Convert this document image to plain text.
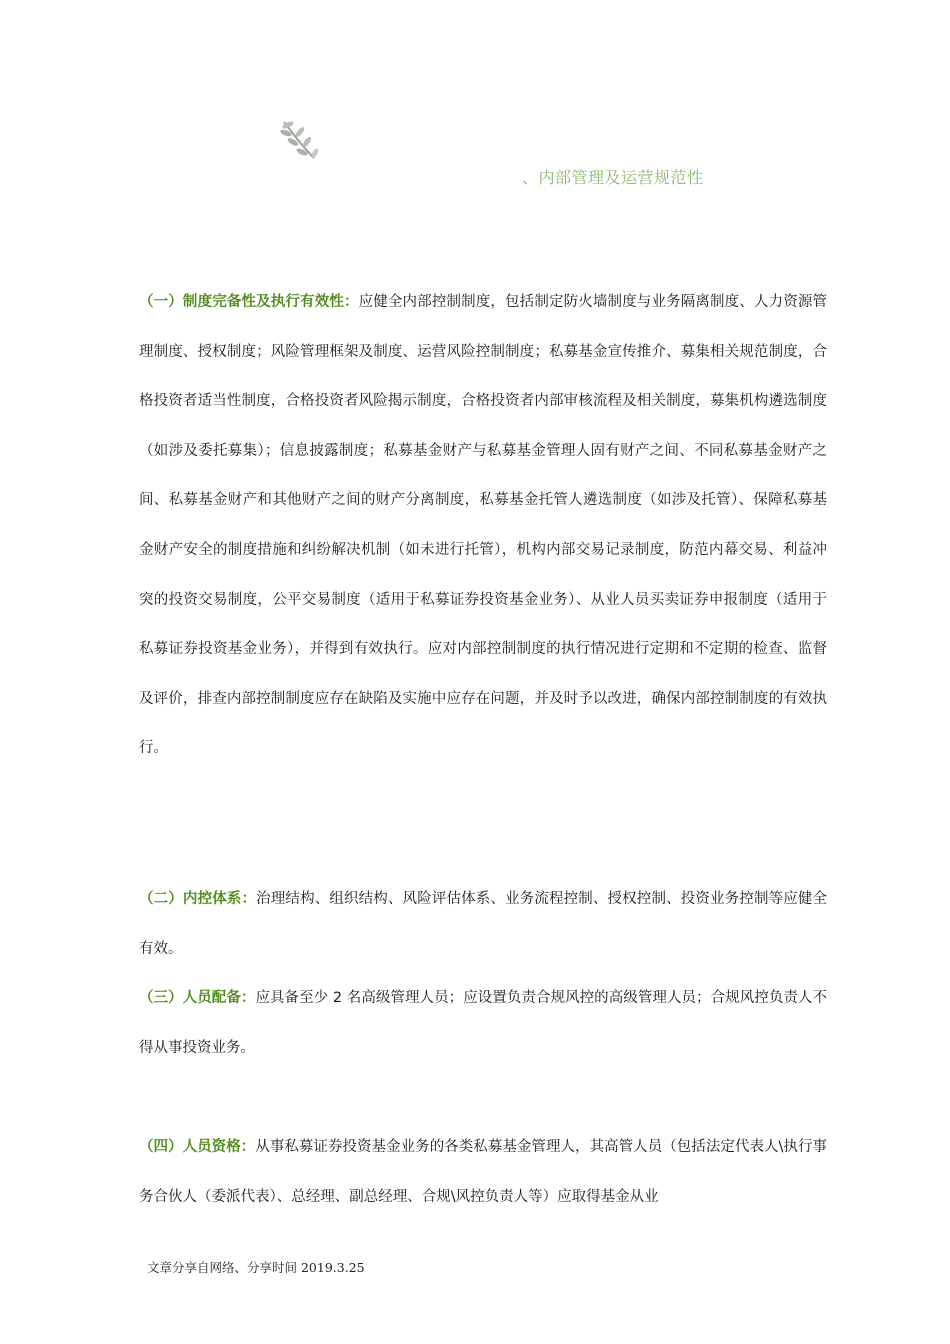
、内部管理及运营规范性

（一）制度完备性及执行有效性：应健全内部控制制度，包括制定防火墙制度与业务隔离制度、人力资源管理制度、授权制度；风险管理框架及制度、运营风险控制制度；私募基金宣传推介、募集相关规范制度，合格投资者适当性制度，合格投资者风险揭示制度，合格投资者内部审核流程及相关制度，募集机构遴选制度（如涉及委托募集）；信息披露制度；私募基金财产与私募基金管理人固有财产之间、不同私募基金财产之间、私募基金财产和其他财产之间的财产分离制度，私募基金托管人遴选制度（如涉及托管）、保障私募基金财产安全的制度措施和纠纷解决机制（如未进行托管），机构内部交易记录制度，防范内幕交易、利益冲突的投资交易制度，公平交易制度（适用于私募证券投资基金业务）、从业人员买卖证券申报制度（适用于私募证券投资基金业务），并得到有效执行。应对内部控制制度的执行情况进行定期和不定期的检查、监督及评价，排查内部控制制度应存在缺陷及实施中应存在问题，并及时予以改进，确保内部控制制度的有效执行。

（二）内控体系：治理结构、组织结构、风险评估体系、业务流程控制、授权控制、投资业务控制等应健全有效。

（三）人员配备：应具备至少 2 名高级管理人员；应设置负责合规风控的高级管理人员；合规风控负责人不得从事投资业务。

（四）人员资格：从事私募证券投资基金业务的各类私募基金管理人，其高管人员（包括法定代表人\执行事务合伙人（委派代表）、总经理、副总经理、合规\风控负责人等）应取得基金从业

文章分享自网络、分享时间 2019.3.25
